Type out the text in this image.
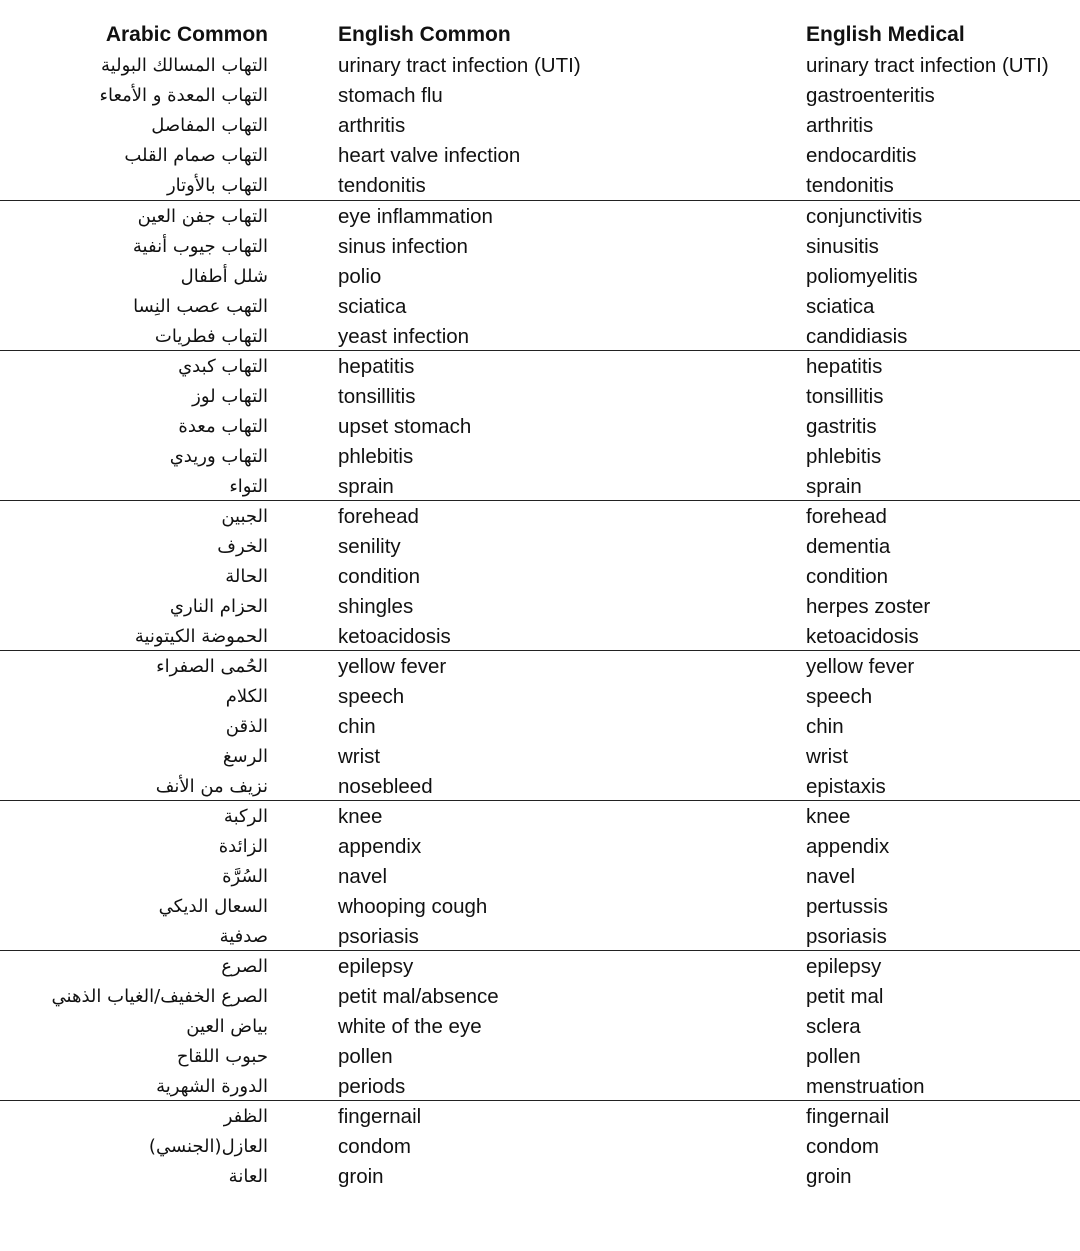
Arabic Common	English Common	English Medical
التهاب المسالك البولية	urinary tract infection (UTI)	urinary tract infection (UTI)
التهاب المعدة و الأمعاء	stomach flu	gastroenteritis
التهاب المفاصل	arthritis	arthritis
التهاب صمام القلب	heart valve infection	endocarditis
التهاب بالأوتار	tendonitis	tendonitis
التهاب جفن العين	eye inflammation	conjunctivitis
التهاب جيوب أنفية	sinus infection	sinusitis
شلل أطفال	polio	poliomyelitis
التهب عصب النِسا	sciatica	sciatica
التهاب فطريات	yeast infection	candidiasis
التهاب كبدي	hepatitis	hepatitis
التهاب لوز	tonsillitis	tonsillitis
التهاب معدة	upset stomach	gastritis
التهاب وريدي	phlebitis	phlebitis
التواء	sprain	sprain
الجبين	forehead	forehead
الخرف	senility	dementia
الحالة	condition	condition
الحزام الناري	shingles	herpes zoster
الحموضة الكيتونية	ketoacidosis	ketoacidosis
الحُمى الصفراء	yellow fever	yellow fever
الكلام	speech	speech
الذقن	chin	chin
الرسغ	wrist	wrist
نزيف من الأنف	nosebleed	epistaxis
الركبة	knee	knee
الزائدة	appendix	appendix
السُرَّة	navel	navel
السعال الديكي	whooping cough	pertussis
صدفية	psoriasis	psoriasis
الصرع	epilepsy	epilepsy
الصرع الخفيف/الغياب الذهني	petit mal/absence	petit mal
بياض العين	white of the eye	sclera
حبوب اللقاح	pollen	pollen
الدورة الشهرية	periods	menstruation
الظفر	fingernail	fingernail
العازل(الجنسي)	condom	condom
العانة	groin	groin
